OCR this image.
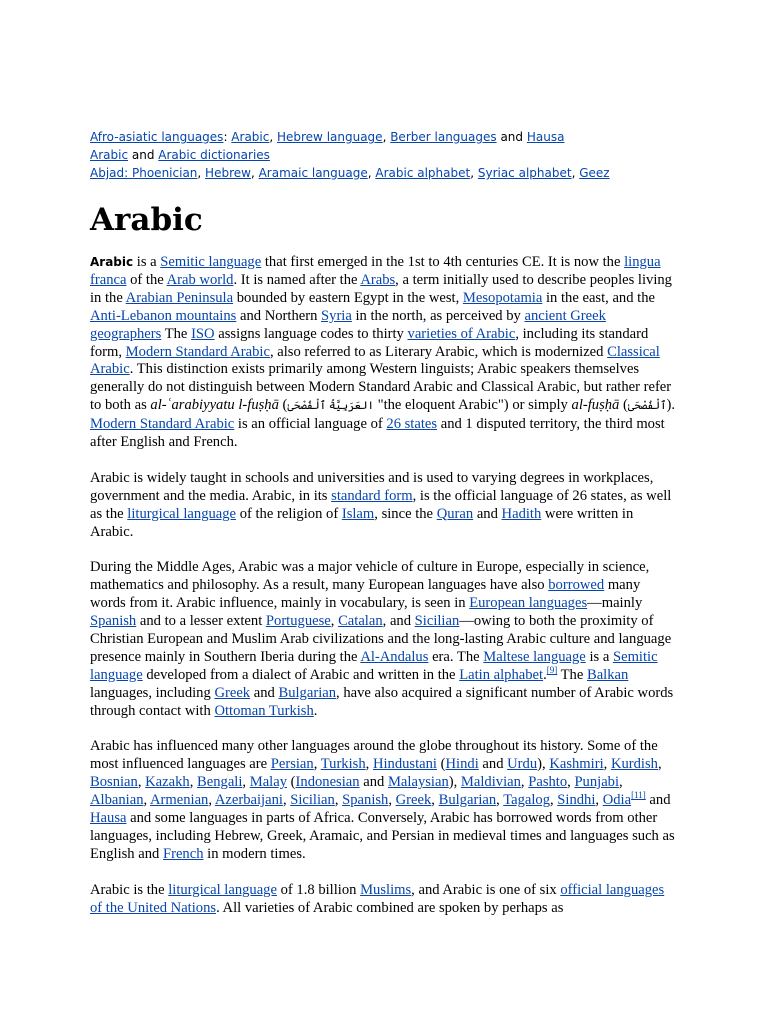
Afro-asiatic languages: Arabic, Hebrew language, Berber languages and Hausa
Arabic and Arabic dictionaries
Abjad: Phoenician, Hebrew, Aramaic language, Arabic alphabet, Syriac alphabet, Geez
Arabic

Arabic is a Semitic language that first emerged in the 1st to 4th centuries CE. It is now the lingua franca of the Arab world. It is named after the Arabs, a term initially used to describe peoples living in the Arabian Peninsula bounded by eastern Egypt in the west, Mesopotamia in the east, and the Anti-Lebanon mountains and Northern Syria in the north, as perceived by ancient Greek geographers The ISO assigns language codes to thirty varieties of Arabic, including its standard form, Modern Standard Arabic, also referred to as Literary Arabic, which is modernized Classical Arabic. This distinction exists primarily among Western linguists; Arabic speakers themselves generally do not distinguish between Modern Standard Arabic and Classical Arabic, but rather refer to both as al-ʿarabiyyatu l-fuṣḥā (العَرَبِيَّةُ ٱلْفُصْحَىٰ "the eloquent Arabic") or simply al-fuṣḥā (ٱلْفُصْحَىٰ). Modern Standard Arabic is an official language of 26 states and 1 disputed territory, the third most after English and French.

Arabic is widely taught in schools and universities and is used to varying degrees in workplaces, government and the media. Arabic, in its standard form, is the official language of 26 states, as well as the liturgical language of the religion of Islam, since the Quran and Hadith were written in Arabic.

During the Middle Ages, Arabic was a major vehicle of culture in Europe, especially in science, mathematics and philosophy. As a result, many European languages have also borrowed many words from it. Arabic influence, mainly in vocabulary, is seen in European languages—mainly Spanish and to a lesser extent Portuguese, Catalan, and Sicilian—owing to both the proximity of Christian European and Muslim Arab civilizations and the long-lasting Arabic culture and language presence mainly in Southern Iberia during the Al-Andalus era. The Maltese language is a Semitic language developed from a dialect of Arabic and written in the Latin alphabet.[9] The Balkan languages, including Greek and Bulgarian, have also acquired a significant number of Arabic words through contact with Ottoman Turkish.

Arabic has influenced many other languages around the globe throughout its history. Some of the most influenced languages are Persian, Turkish, Hindustani (Hindi and Urdu), Kashmiri, Kurdish, Bosnian, Kazakh, Bengali, Malay (Indonesian and Malaysian), Maldivian, Pashto, Punjabi, Albanian, Armenian, Azerbaijani, Sicilian, Spanish, Greek, Bulgarian, Tagalog, Sindhi, Odia[11] and Hausa and some languages in parts of Africa. Conversely, Arabic has borrowed words from other languages, including Hebrew, Greek, Aramaic, and Persian in medieval times and languages such as English and French in modern times.

Arabic is the liturgical language of 1.8 billion Muslims, and Arabic is one of six official languages of the United Nations. All varieties of Arabic combined are spoken by perhaps as
